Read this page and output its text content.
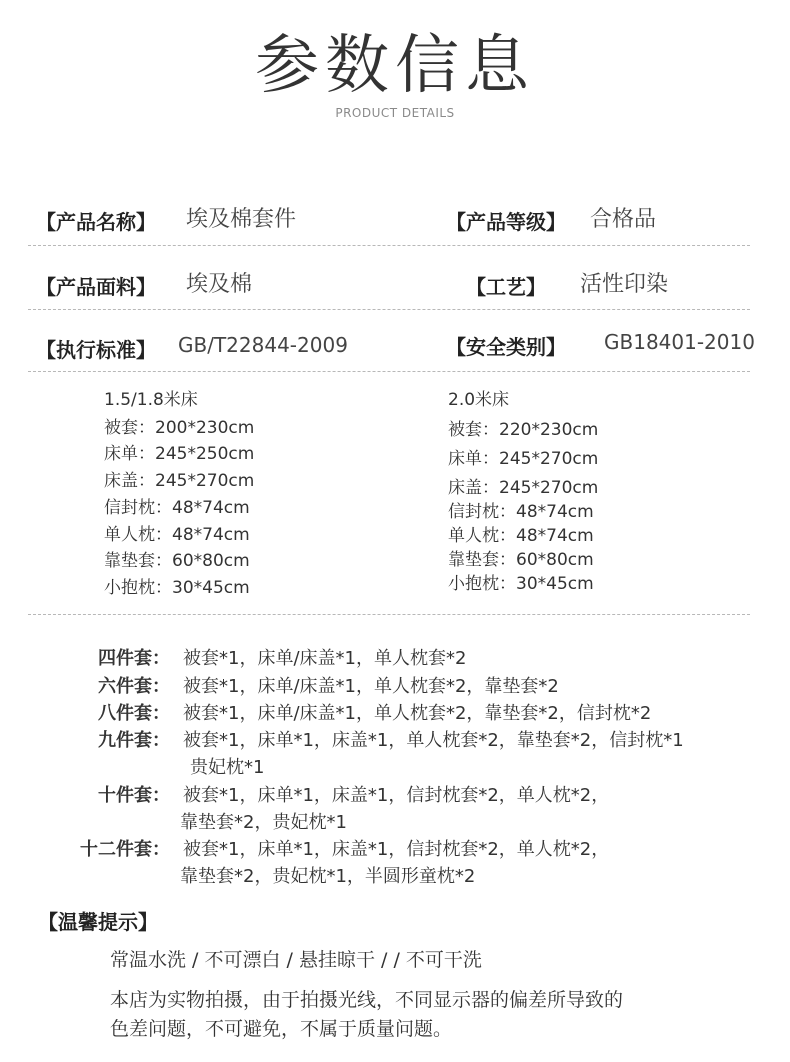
参数信息
PRODUCT DETAILS
【产品名称】 埃及棉套件	【产品等级】 合格品
【产品面料】 埃及棉	【工艺】 活性印染
【执行标准】 GB/T22844-2009	【安全类别】 GB18401-2010
1.5/1.8米床
被套：200*230cm
床单：245*250cm
床盖：245*270cm
信封枕：48*74cm
单人枕：48*74cm
靠垫套：60*80cm
小抱枕：30*45cm
2.0米床
被套：220*230cm
床单：245*270cm
床盖：245*270cm
信封枕：48*74cm
单人枕：48*74cm
靠垫套：60*80cm
小抱枕：30*45cm
四件套： 被套*1，床单/床盖*1，单人枕套*2
六件套： 被套*1，床单/床盖*1，单人枕套*2，靠垫套*2
八件套： 被套*1，床单/床盖*1，单人枕套*2，靠垫套*2，信封枕*2
九件套： 被套*1，床单*1，床盖*1，单人枕套*2，靠垫套*2，信封枕*1
贵妃枕*1
十件套： 被套*1，床单*1，床盖*1，信封枕套*2，单人枕*2，
靠垫套*2，贵妃枕*1
十二件套： 被套*1，床单*1，床盖*1，信封枕套*2，单人枕*2，
靠垫套*2，贵妃枕*1，半圆形童枕*2
【温馨提示】
常温水洗 / 不可漂白 / 悬挂晾干 / / 不可干洗
本店为实物拍摄，由于拍摄光线，不同显示器的偏差所导致的
色差问题，不可避免，不属于质量问题。
